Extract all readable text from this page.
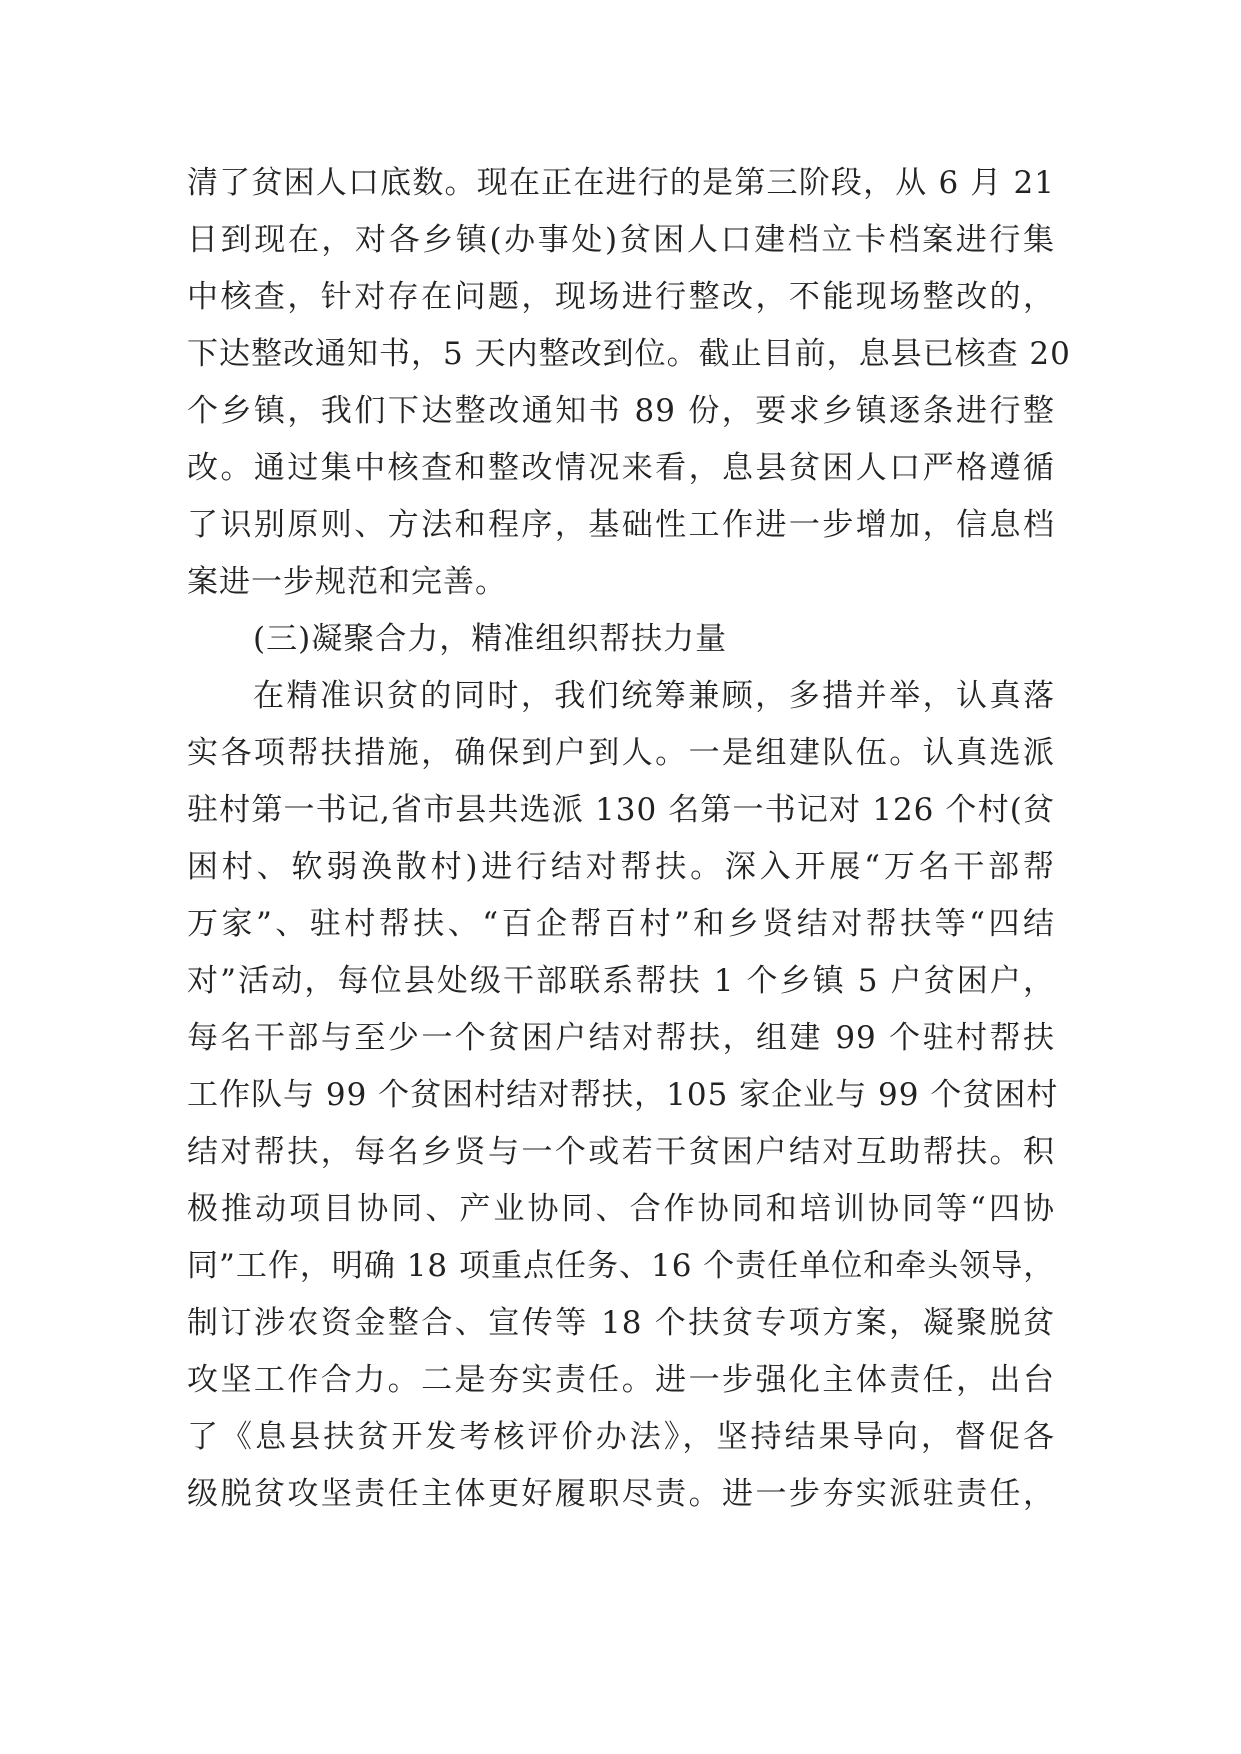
清了贫困人口底数。现在正在进行的是第三阶段，从 6 月 21
日到现在，对各乡镇(办事处)贫困人口建档立卡档案进行集
中核查，针对存在问题，现场进行整改，不能现场整改的，
下达整改通知书，5 天内整改到位。截止目前，息县已核查 20
个乡镇，我们下达整改通知书 89 份，要求乡镇逐条进行整
改。通过集中核查和整改情况来看，息县贫困人口严格遵循
了识别原则、方法和程序，基础性工作进一步增加，信息档
案进一步规范和完善。
(三)凝聚合力，精准组织帮扶力量
在精准识贫的同时，我们统筹兼顾，多措并举，认真落
实各项帮扶措施，确保到户到人。一是组建队伍。认真选派
驻村第一书记,省市县共选派 130 名第一书记对 126 个村(贫
困村、软弱涣散村)进行结对帮扶。深入开展“万名干部帮
万家”、驻村帮扶、“百企帮百村”和乡贤结对帮扶等“四结
对”活动，每位县处级干部联系帮扶 1 个乡镇 5 户贫困户，
每名干部与至少一个贫困户结对帮扶，组建 99 个驻村帮扶
工作队与 99 个贫困村结对帮扶，105 家企业与 99 个贫困村
结对帮扶，每名乡贤与一个或若干贫困户结对互助帮扶。积
极推动项目协同、产业协同、合作协同和培训协同等“四协
同”工作，明确 18 项重点任务、16 个责任单位和牵头领导，
制订涉农资金整合、宣传等 18 个扶贫专项方案，凝聚脱贫
攻坚工作合力。二是夯实责任。进一步强化主体责任，出台
了《息县扶贫开发考核评价办法》，坚持结果导向，督促各
级脱贫攻坚责任主体更好履职尽责。进一步夯实派驻责任，
